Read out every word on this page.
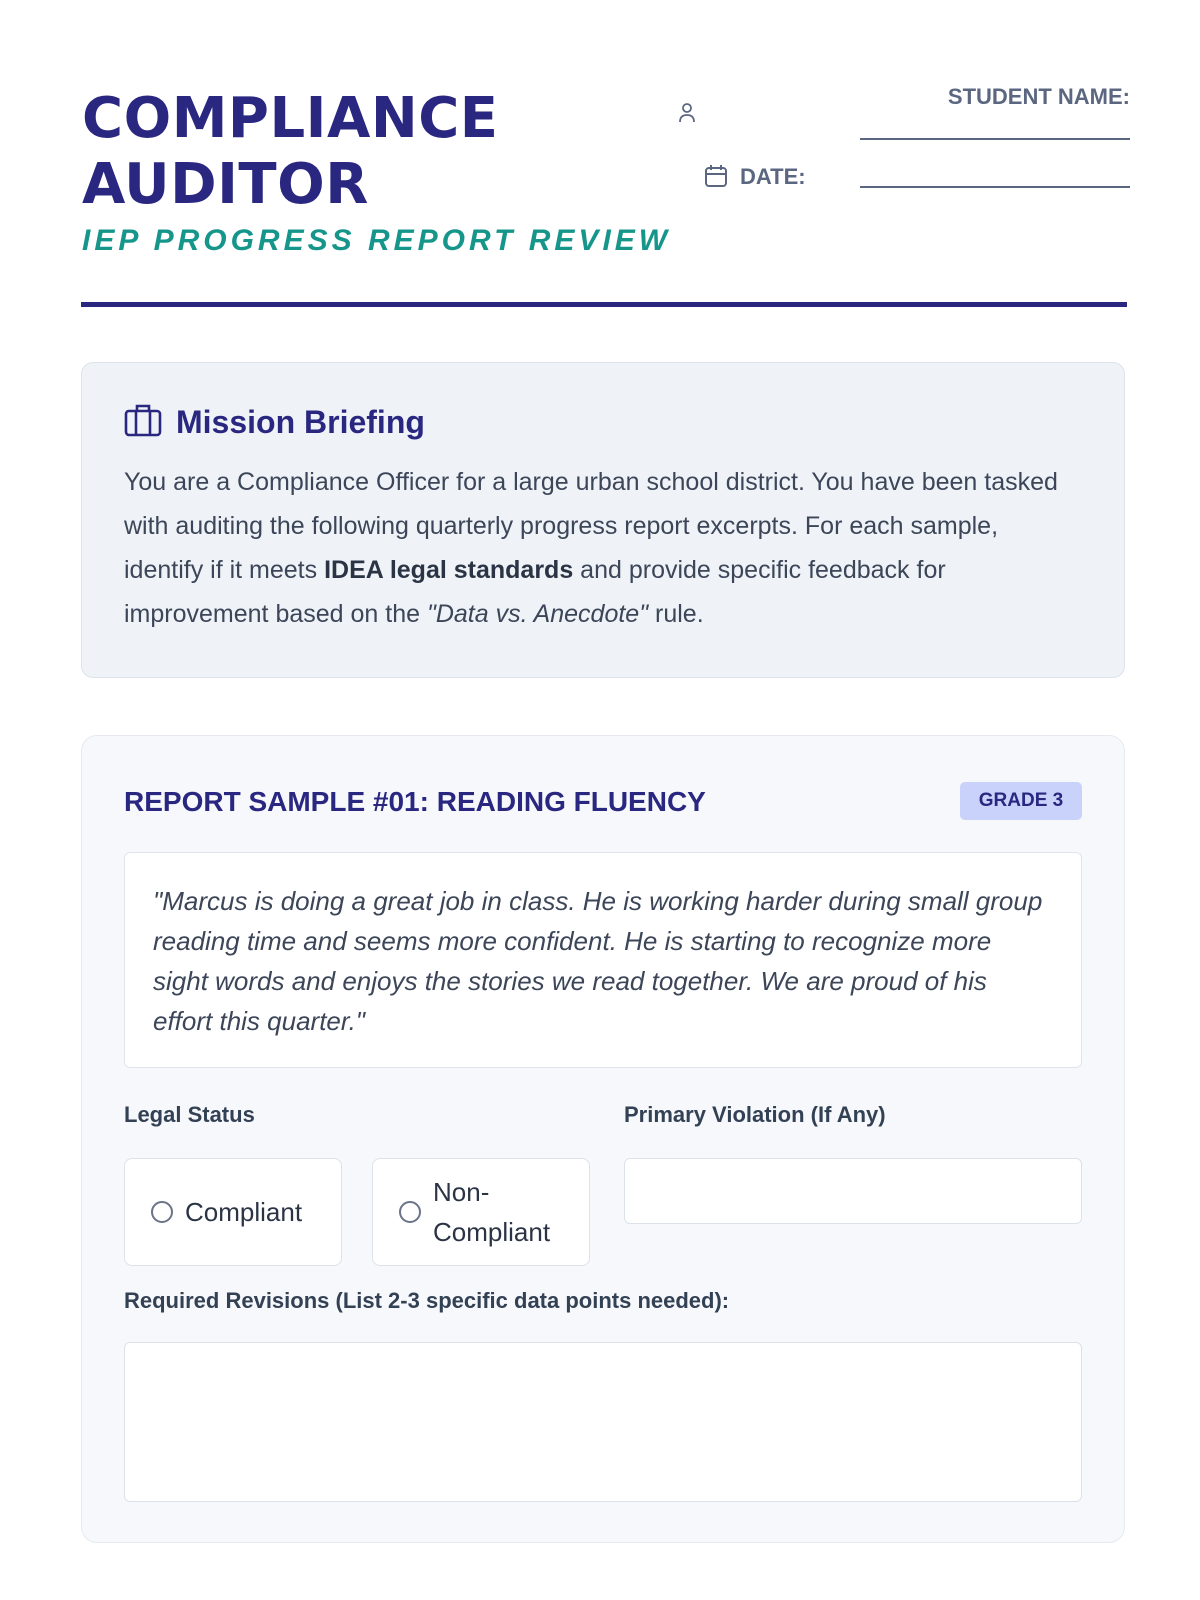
COMPLIANCE
AUDITOR
IEP PROGRESS REPORT REVIEW
STUDENT NAME:
DATE:
Mission Briefing
You are a Compliance Officer for a large urban school district. You have been tasked with auditing the following quarterly progress report excerpts. For each sample, identify if it meets IDEA legal standards and provide specific feedback for improvement based on the "Data vs. Anecdote" rule.
REPORT SAMPLE #01: READING FLUENCY	GRADE 3
"Marcus is doing a great job in class. He is working harder during small group reading time and seems more confident. He is starting to recognize more sight words and enjoys the stories we read together. We are proud of his effort this quarter."
Legal Status	Primary Violation (If Any)
Compliant
Non-Compliant
Required Revisions (List 2-3 specific data points needed):
